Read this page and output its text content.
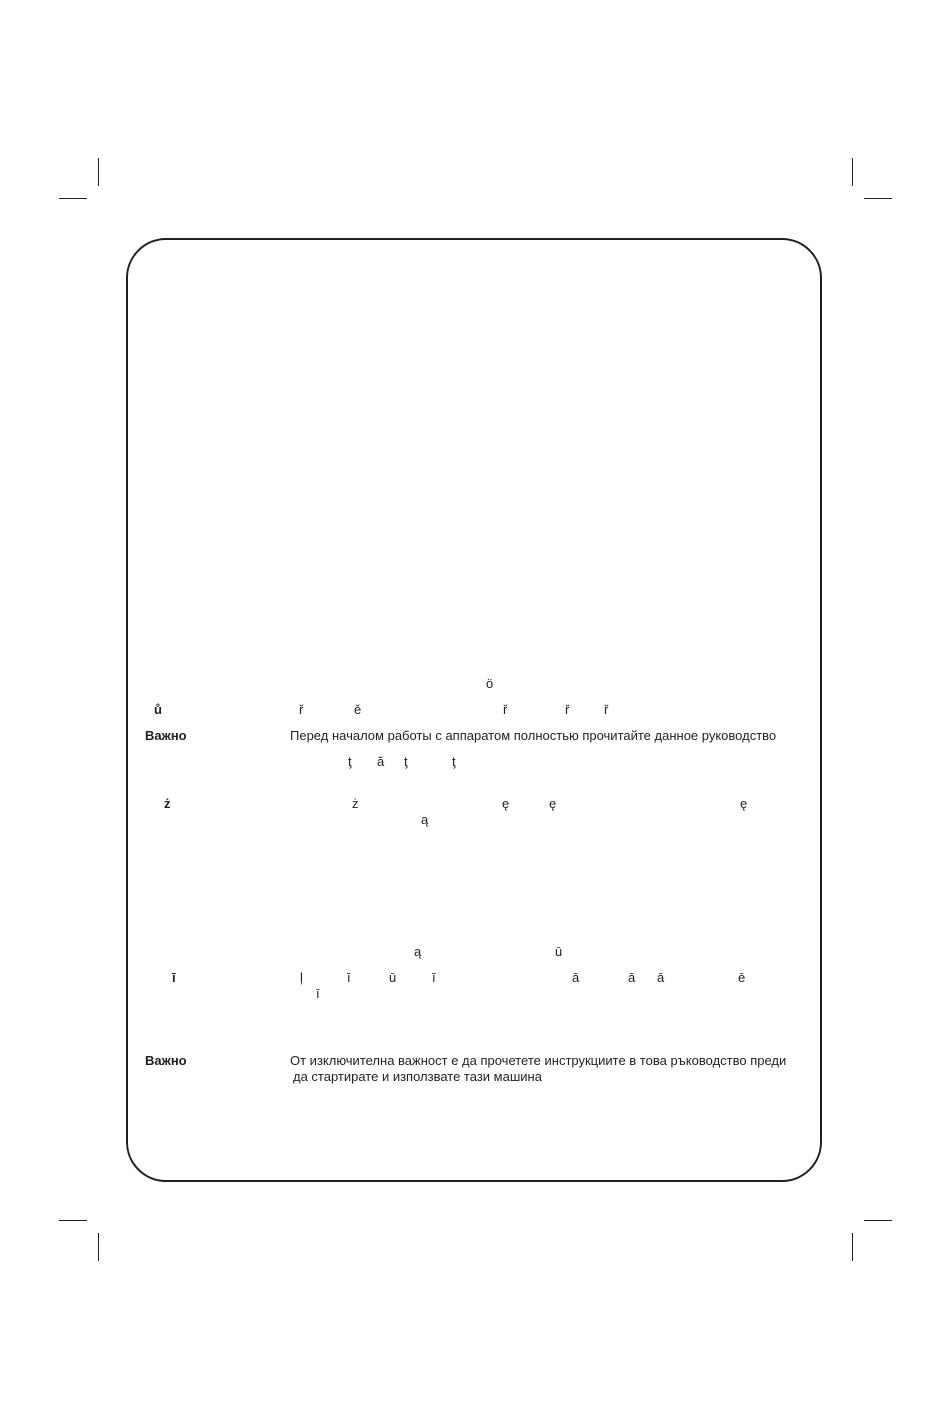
ö
ů	ř	ě	ř	ř	ř
Важно	Перед началом работы с аппаратом полностью прочитайте данное руководство
ţ ă ţ	ţ
ż	ż	ę	ę	ę
ą
ą	ū
ī	ļ	ī	ū	ī	ā	ā ā	ē
ī
Важно	От изключителна важност е да прочетете инструкциите в това ръководство преди
да стартирате и използвате тази машина
